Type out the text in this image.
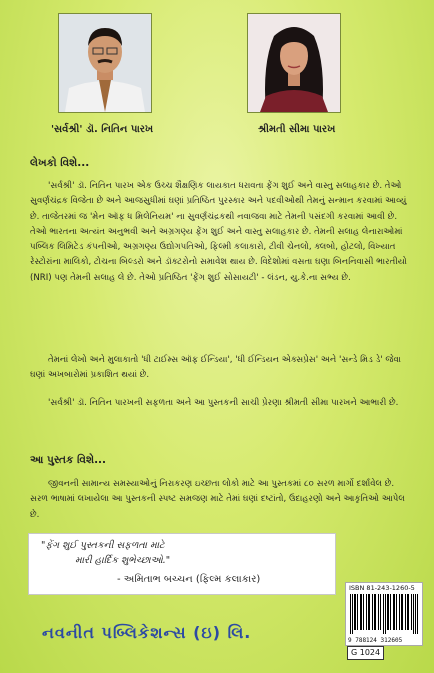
'સર્વશ્રી' ડૉ. નિતિન પારખ	શ્રીમતી સીમા પારખ
લેખકો વિશે...

'સર્વશ્રી' ડૉ. નિતિન પારખ એક ઉચ્ચ શૈક્ષણિક લાયકાત ધરાવતા ફેંગ શુઈ અને વાસ્તુ સલાહકાર છે. તેઓ સુવર્ણચંદ્રક વિજેતા છે અને આજસુધીમાં ઘણાં પ્રતિષ્ઠિત પુરસ્કાર અને પદવીઓથી તેમનું સન્માન કરવામાં આવ્યું છે. તાજેતરમાં જ 'મેન ઑફ ધ મિલેનિયમ' ના સુવર્ણચંદ્રકથી નવાજવા માટે તેમની પસંદગી કરવામાં આવી છે. તેઓ ભારતના અત્યંત અનુભવી અને અગ્રગણ્ય ફેંગ શુઈ અને વાસ્તુ સલાહકાર છે. તેમની સલાહ લેનારાઓમાં પબ્લિક લિમિટેડ કંપનીઓ, અગ્રગણ્ય ઉદ્યોગપતિઓ, ફિલ્મી કલાકારો, ટીવી ચેનલો, ક્લબો, હોટલો, વિખ્યાત રેસ્ટોરાંના માલિકો, ટોચના બિલ્ડરો અને ડૉક્ટરોનો સમાવેશ થાય છે. વિદેશોમાં વસતા ઘણા બિનનિવાસી ભારતીયો (NRI) પણ તેમની સલાહ લે છે. તેઓ પ્રતિષ્ઠિત 'ફેંગ શુઈ સોસાયટી' - લંડન, યુ.કે.ના સભ્ય છે.

તેમનાં લેખો અને મુલાકાતો 'ધી ટાઈમ્સ ઑફ ઈન્ડિયા', 'ધી ઈન્ડિયન એક્સપ્રેસ' અને 'સન્ડે મિડ ડે' જેવા ઘણાં અખબારોમાં પ્રકાશિત થયાં છે.

'સર્વશ્રી' ડૉ. નિતિન પારખની સફળતા અને આ પુસ્તકની સાચી પ્રેરણા શ્રીમતી સીમા પારખને આભારી છે.

આ પુસ્તક વિશે...

જીવનની સામાન્ય સમસ્યાઓનું નિરાકરણ ઇચ્છતા લોકો માટે આ પુસ્તકમાં ૮૦ સરળ માર્ગો દર્શાવેલ છે. સરળ ભાષામાં લખાયેલા આ પુસ્તકની સ્પષ્ટ સમજણ માટે તેમાં ઘણાં દષ્ટાંતો, ઉદાહરણો અને આકૃતિઓ આપેલ છે.

"ફેંગ શુઈ પુસ્તકની સફળતા માટે
મારી હાર્દિક શુભેચ્છાઓ."
- અમિતાભ બચ્ચન (ફિલ્મ કલાકાર)
ISBN 81-243-1260-5
9 788124 312605
નવનીત પબ્લિકેશન્સ (ઇ) લિ.
G 1024
